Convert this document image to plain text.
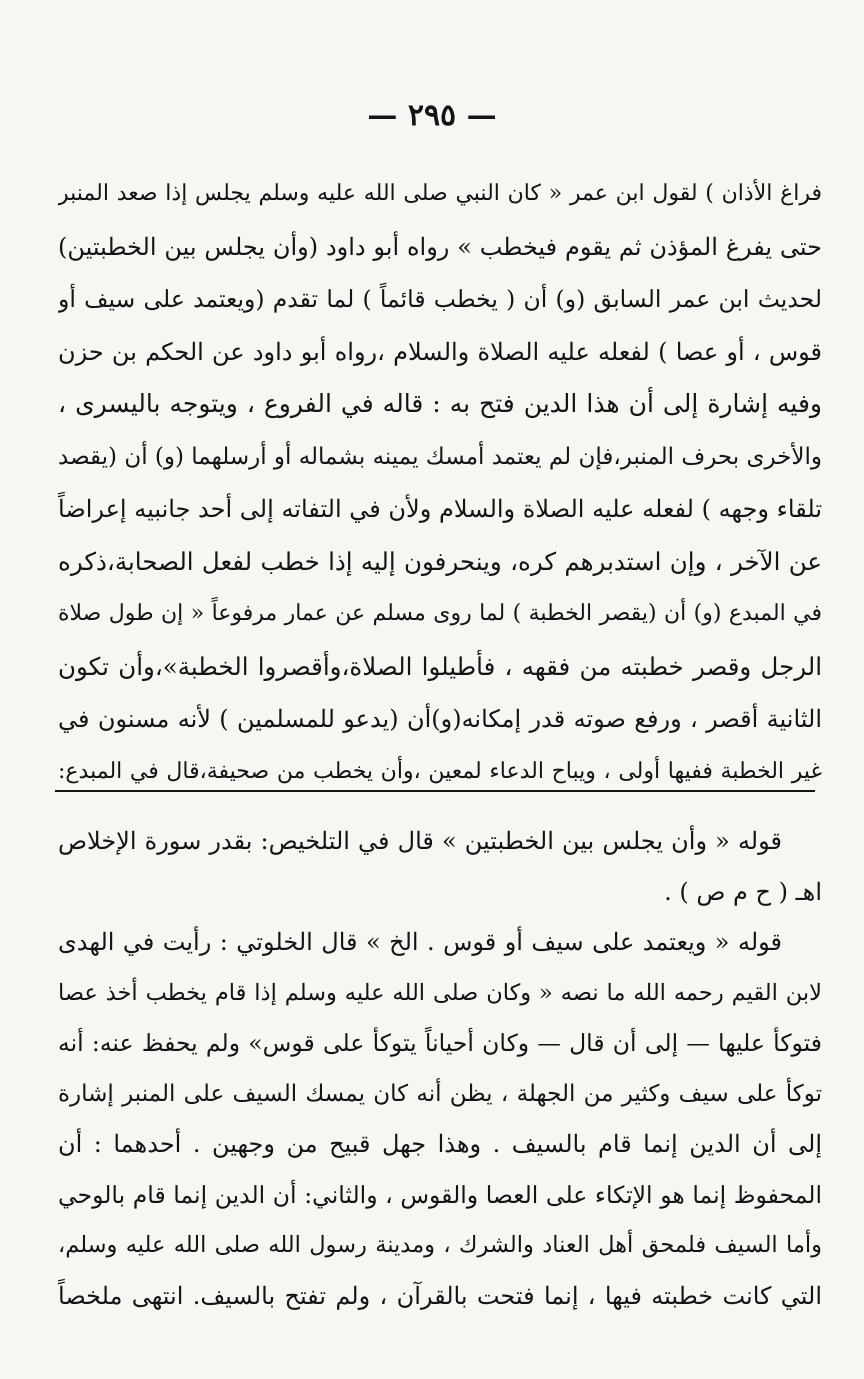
— ٢٩٥ —
فراغ الأذان ) لقول ابن عمر « كان النبي صلى الله عليه وسلم يجلس إذا صعد المنبر
حتى يفرغ المؤذن ثم يقوم فيخطب » رواه أبو داود (وأن يجلس بين الخطبتين)
لحديث ابن عمر السابق (و) أن ( يخطب قائماً ) لما تقدم (ويعتمد على سيف أو
قوس ، أو عصا ) لفعله عليه الصلاة والسلام ،رواه أبو داود عن الحكم بن حزن
وفيه إشارة إلى أن هذا الدين فتح به : قاله في الفروع ، ويتوجه باليسرى ،
والأخرى بحرف المنبر،فإن لم يعتمد أمسك يمينه بشماله أو أرسلهما (و) أن (يقصد
تلقاء وجهه ) لفعله عليه الصلاة والسلام ولأن في التفاته إلى أحد جانبيه إعراضاً
عن الآخر ، وإن استدبرهم كره، وينحرفون إليه إذا خطب لفعل الصحابة،ذكره
في المبدع (و) أن (يقصر الخطبة ) لما روى مسلم عن عمار مرفوعاً « إن طول صلاة
الرجل وقصر خطبته من فقهه ، فأطيلوا الصلاة،وأقصروا الخطبة»،وأن تكون
الثانية أقصر ، ورفع صوته قدر إمكانه(و)أن (يدعو للمسلمين ) لأنه مسنون في
غير الخطبة ففيها أولى ، ويباح الدعاء لمعين ،وأن يخطب من صحيفة،قال في المبدع:
قوله « وأن يجلس بين الخطبتين » قال في التلخيص: بقدر سورة الإخلاص
اهـ ( ح م ص ) .
قوله « ويعتمد على سيف أو قوس . الخ » قال الخلوتي : رأيت في الهدى
لابن القيم رحمه الله ما نصه « وكان صلى الله عليه وسلم إذا قام يخطب أخذ عصا
فتوكأ عليها — إلى أن قال — وكان أحياناً يتوكأ على قوس» ولم يحفظ عنه: أنه
توكأ على سيف وكثير من الجهلة ، يظن أنه كان يمسك السيف على المنبر إشارة
إلى أن الدين إنما قام بالسيف . وهذا جهل قبيح من وجهين . أحدهما : أن
المحفوظ إنما هو الإتكاء على العصا والقوس ، والثاني: أن الدين إنما قام بالوحي
وأما السيف فلمحق أهل العناد والشرك ، ومدينة رسول الله صلى الله عليه وسلم،
التي كانت خطبته فيها ، إنما فتحت بالقرآن ، ولم تفتح بالسيف. انتهى ملخصاً
